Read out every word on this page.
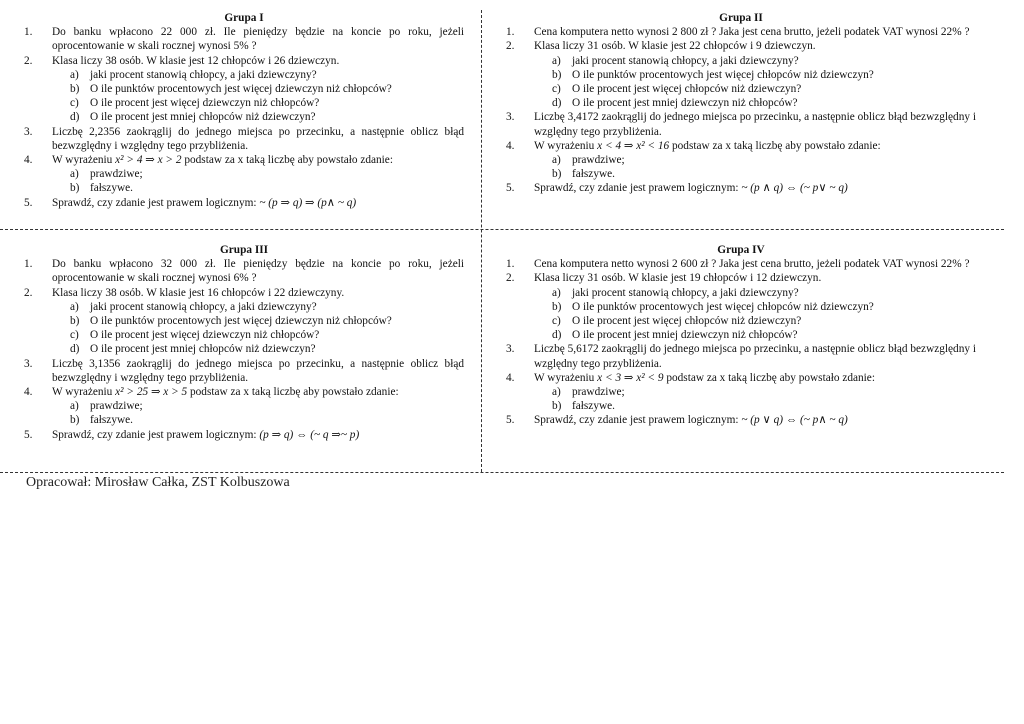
Grupa I
1.	Do banku wpłacono 22 000 zł. Ile pieniędzy będzie na koncie po roku, jeżeli oprocentowanie w skali rocznej wynosi 5% ?
2.	Klasa liczy 38 osób. W klasie jest 12 chłopców i 26 dziewczyn.
a) jaki procent stanowią chłopcy, a jaki dziewczyny?
b) O ile punktów procentowych jest więcej dziewczyn niż chłopców?
c) O ile procent jest więcej dziewczyn niż chłopców?
d) O ile procent jest mniej chłopców niż dziewczyn?
3.	Liczbę 2,2356 zaokrąglij do jednego miejsca po przecinku, a następnie oblicz błąd bezwzględny i względny tego przybliżenia.
4.	W wyrażeniu x² > 4 ⇒ x > 2 podstaw za x taką liczbę aby powstało zdanie:
a) prawdziwe;
b) fałszywe.
5.	Sprawdź, czy zdanie jest prawem logicznym: ~ (p ⇒ q) ⇒ (p∧ ~ q)
Grupa II
1.	Cena komputera netto wynosi 2 800 zł ? Jaka jest cena brutto, jeżeli podatek VAT wynosi 22% ?
2.	Klasa liczy 31 osób. W klasie jest 22 chłopców i 9 dziewczyn.
a) jaki procent stanowią chłopcy, a jaki dziewczyny?
b) O ile punktów procentowych jest więcej chłopców niż dziewczyn?
c) O ile procent jest więcej chłopców niż dziewczyn?
d) O ile procent jest mniej dziewczyn niż chłopców?
3.	Liczbę 3,4172 zaokrąglij do jednego miejsca po przecinku, a następnie oblicz błąd bezwzględny i względny tego przybliżenia.
4.	W wyrażeniu x < 4 ⇒ x² < 16 podstaw za x taką liczbę aby powstało zdanie:
a) prawdziwe;
b) fałszywe.
5.	Sprawdź, czy zdanie jest prawem logicznym: ~ (p ∧ q) ⇔ (~ p∨ ~ q)
Grupa III
1.	Do banku wpłacono 32 000 zł. Ile pieniędzy będzie na koncie po roku, jeżeli oprocentowanie w skali rocznej wynosi 6% ?
2.	Klasa liczy 38 osób. W klasie jest 16 chłopców i 22 dziewczyny.
a) jaki procent stanowią chłopcy, a jaki dziewczyny?
b) O ile punktów procentowych jest więcej dziewczyn niż chłopców?
c) O ile procent jest więcej dziewczyn niż chłopców?
d) O ile procent jest mniej chłopców niż dziewczyn?
3.	Liczbę 3,1356 zaokrąglij do jednego miejsca po przecinku, a następnie oblicz błąd bezwzględny i względny tego przybliżenia.
4.	W wyrażeniu x² > 25 ⇒ x > 5 podstaw za x taką liczbę aby powstało zdanie:
a) prawdziwe;
b) fałszywe.
5.	Sprawdź, czy zdanie jest prawem logicznym: (p ⇒ q) ⇔ (~ q ⇒~ p)
Grupa IV
1.	Cena komputera netto wynosi 2 600 zł ? Jaka jest cena brutto, jeżeli podatek VAT wynosi 22% ?
2.	Klasa liczy 31 osób. W klasie jest 19 chłopców i 12 dziewczyn.
a) jaki procent stanowią chłopcy, a jaki dziewczyny?
b) O ile punktów procentowych jest więcej chłopców niż dziewczyn?
c) O ile procent jest więcej chłopców niż dziewczyn?
d) O ile procent jest mniej dziewczyn niż chłopców?
3.	Liczbę 5,6172 zaokrąglij do jednego miejsca po przecinku, a następnie oblicz błąd bezwzględny i względny tego przybliżenia.
4.	W wyrażeniu x < 3 ⇒ x² < 9 podstaw za x taką liczbę aby powstało zdanie:
a) prawdziwe;
b) fałszywe.
5.	Sprawdź, czy zdanie jest prawem logicznym: ~ (p ∨ q) ⇔ (~ p∧ ~ q)
Opracował: Mirosław Całka, ZST Kolbuszowa
